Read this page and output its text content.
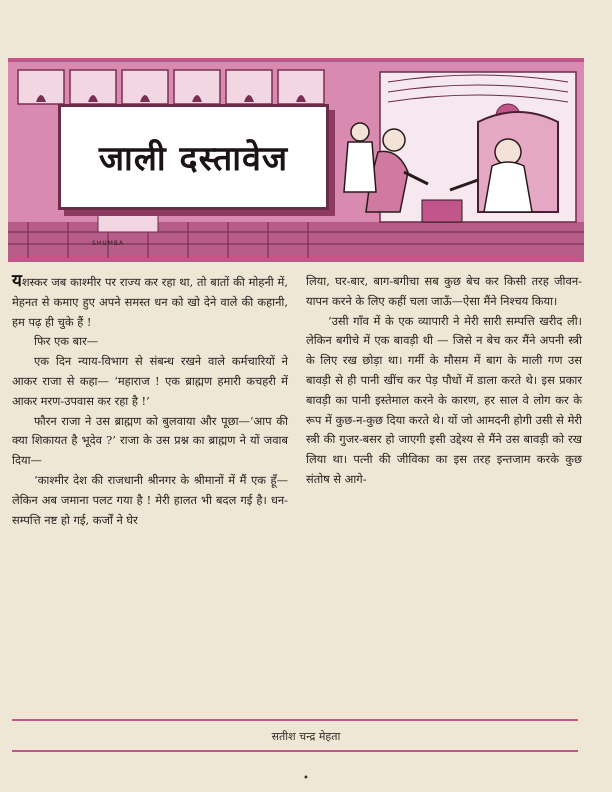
जाली दस्तावेज
SHUMBA

यशस्कर जब काश्मीर पर राज्य कर रहा था, तो बातों की मोहनी में, मेहनत से कमाए हुए अपने समस्त धन को खो देने वाले की कहानी, हम पढ़ ही चुके हैं !

फिर एक बार—

एक दिन न्याय-विभाग से संबन्ध रखने वाले कर्मचारियों ने आकर राजा से कहा— ‘महाराज ! एक ब्राह्मण हमारी कचहरी में आकर मरण-उपवास कर रहा है !’

फौरन राजा ने उस ब्राह्मण को बुलवाया और पूछा—‘आप की क्या शिकायत है भूदेव ?’ राजा के उस प्रश्न का ब्राह्मण ने यों जवाब दिया—

‘काश्मीर देश की राजधानी श्रीनगर के श्रीमानों में मैं एक हूँ—लेकिन अब जमाना पलट गया है ! मेरी हालत भी बदल गई है। धन-सम्पत्ति नष्ट हो गई, कर्जों ने घेर

लिया, घर-बार, बाग-बगीचा सब कुछ बेच कर किसी तरह जीवन-यापन करने के लिए कहीं चला जाऊँ—ऐसा मैंने निश्चय किया।

‘उसी गाँव में के एक व्यापारी ने मेरी सारी सम्पत्ति खरीद ली। लेकिन बगीचे में एक बावड़ी थी — जिसे न बेच कर मैंने अपनी स्त्री के लिए रख छोड़ा था। गर्मी के मौसम में बाग के माली गण उस बावड़ी से ही पानी खींच कर पेड़ पौधों में डाला करते थे। इस प्रकार बावड़ी का पानी इस्तेमाल करने के कारण, हर साल वे लोग कर के रूप में कुछ-न-कुछ दिया करते थे। यों जो आमदनी होगी उसी से मेरी स्त्री की गुजर-बसर हो जाएगी इसी उद्देश्य से मैंने उस बावड़ी को रख लिया था। पत्नी की जीविका का इस तरह इन्तजाम करके कुछ संतोष से आगे-

सतीश चन्द्र मेहता
•
